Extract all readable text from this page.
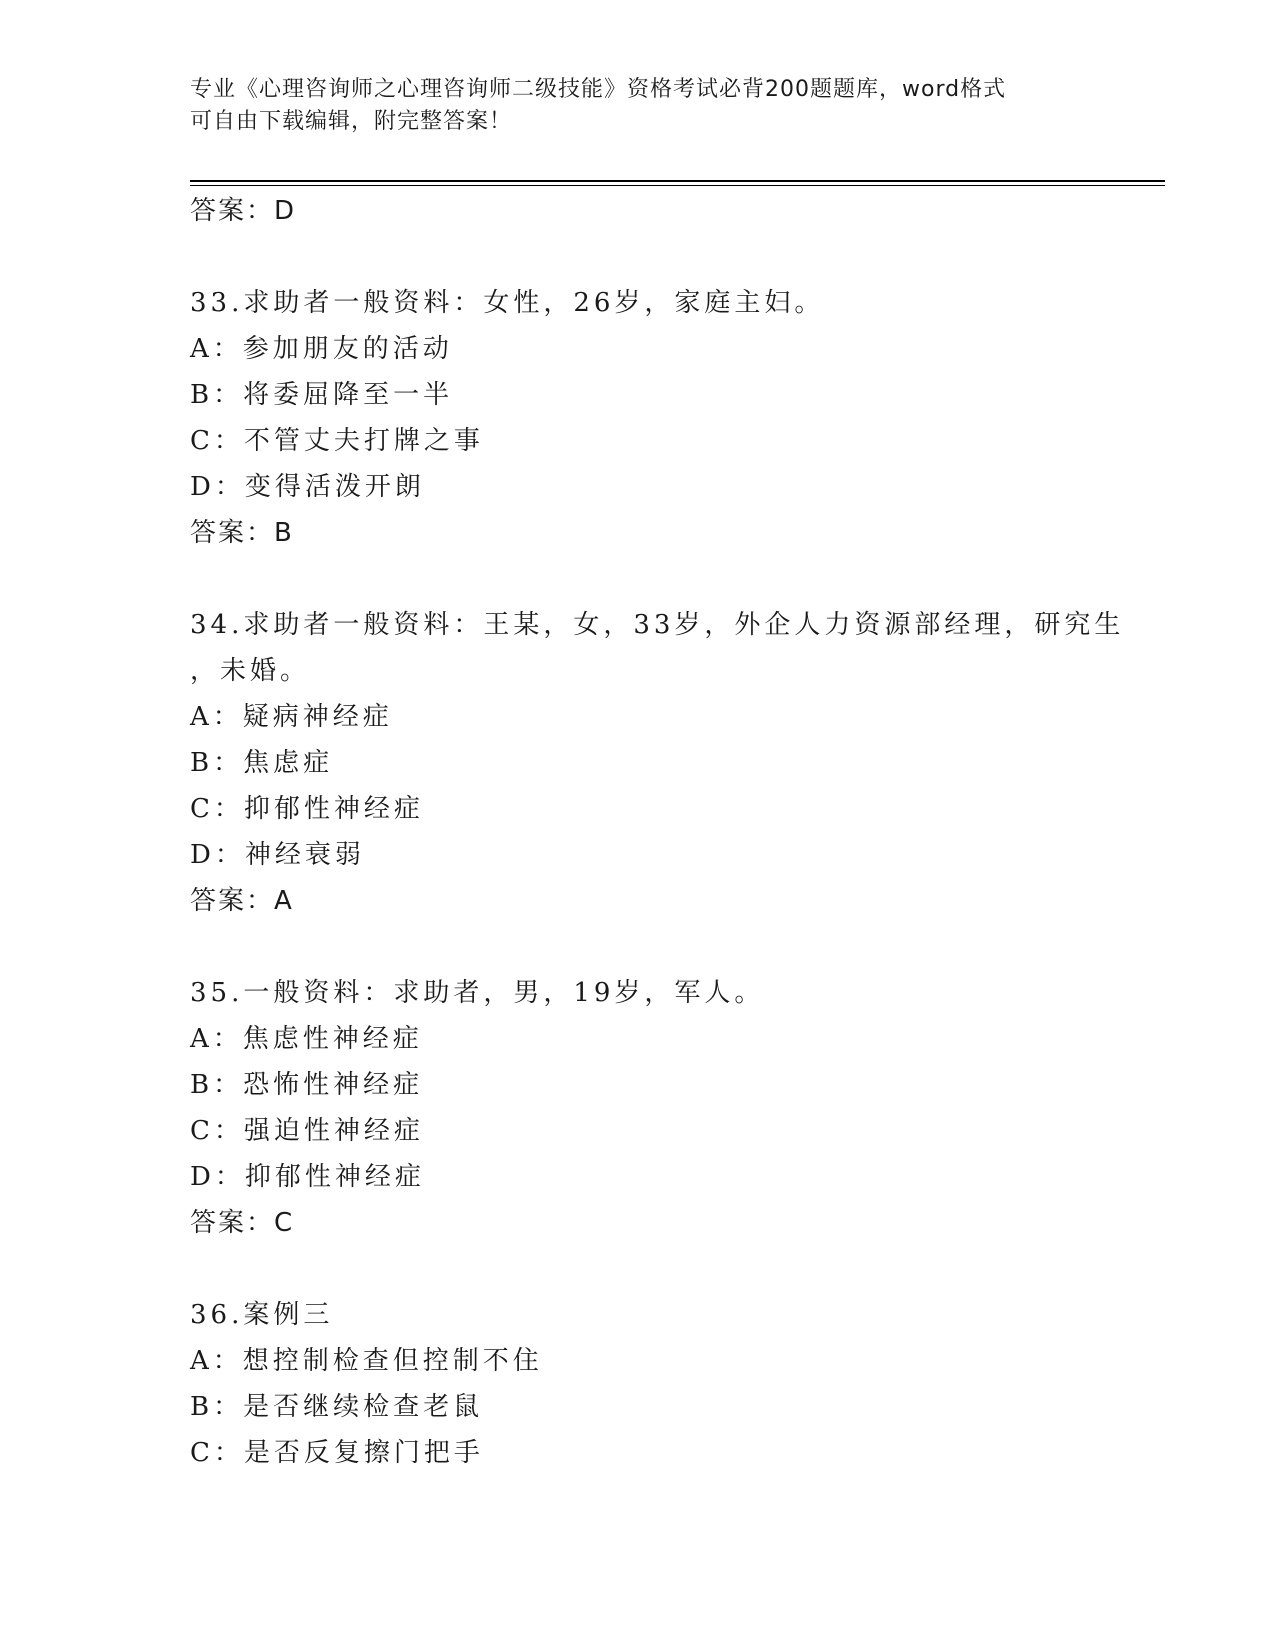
专业《心理咨询师之心理咨询师二级技能》资格考试必背200题题库，word格式
可自由下载编辑，附完整答案！
答案：D
33.求助者一般资料：女性，26岁，家庭主妇。
A：参加朋友的活动
B：将委屈降至一半
C：不管丈夫打牌之事
D：变得活泼开朗
答案：B
34.求助者一般资料：王某，女，33岁，外企人力资源部经理，研究生
，未婚。
A：疑病神经症
B：焦虑症
C：抑郁性神经症
D：神经衰弱
答案：A
35.一般资料：求助者，男，19岁，军人。
A：焦虑性神经症
B：恐怖性神经症
C：强迫性神经症
D：抑郁性神经症
答案：C
36.案例三
A：想控制检查但控制不住
B：是否继续检查老鼠
C：是否反复擦门把手
